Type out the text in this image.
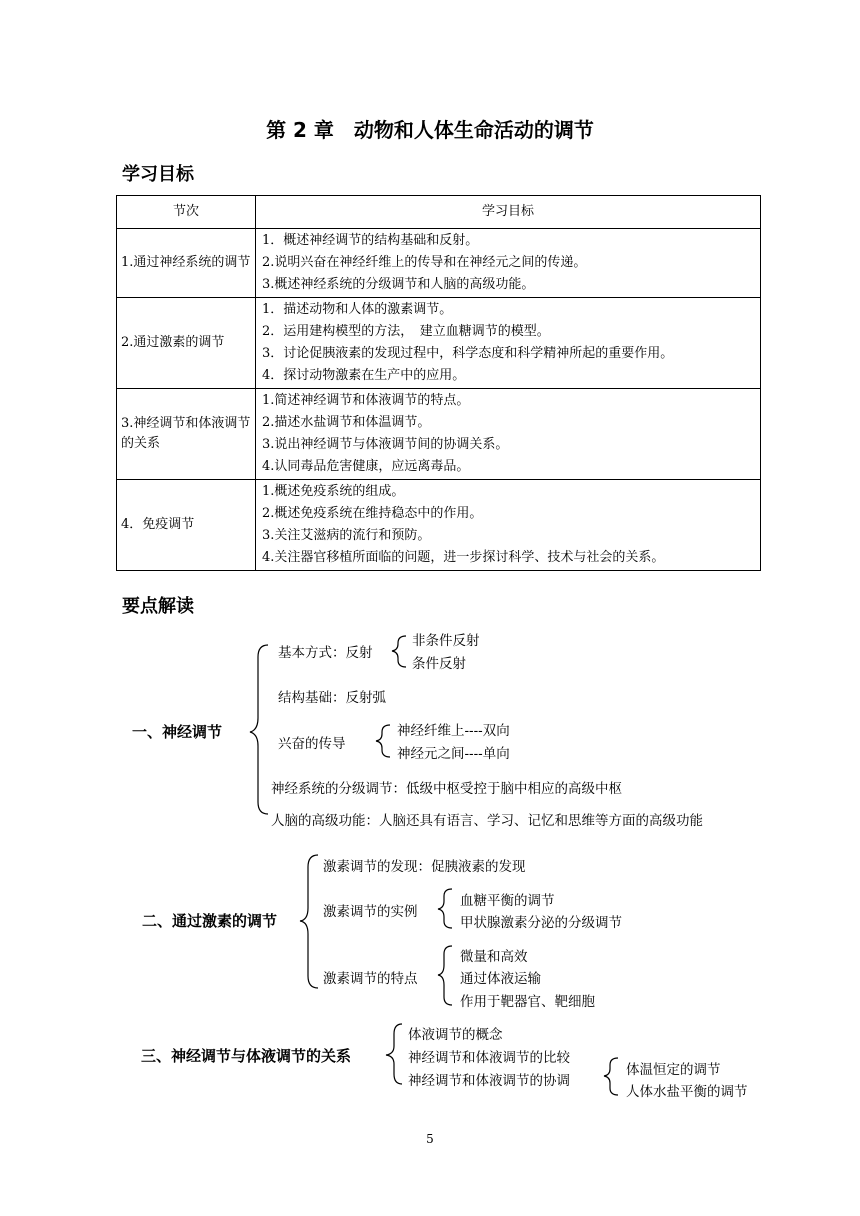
第 2 章　动物和人体生命活动的调节
学习目标
节次	学习目标
1.通过神经系统的调节	1．概述神经调节的结构基础和反射。
2.说明兴奋在神经纤维上的传导和在神经元之间的传递。
3.概述神经系统的分级调节和人脑的高级功能。

2.通过激素的调节	1．描述动物和人体的激素调节。
2．运用建构模型的方法，　建立血糖调节的模型。
3．讨论促胰液素的发现过程中，科学态度和科学精神所起的重要作用。
4．探讨动物激素在生产中的应用。

3.神经调节和体液调节的关系	1.简述神经调节和体液调节的特点。
2.描述水盐调节和体温调节。
3.说出神经调节与体液调节间的协调关系。
4.认同毒品危害健康，应远离毒品。

4．免疫调节	1.概述免疫系统的组成。
2.概述免疫系统在维持稳态中的作用。
3.关注艾滋病的流行和预防。
4.关注器官移植所面临的问题，进一步探讨科学、技术与社会的关系。
要点解读
一、神经调节
基本方式：反射
非条件反射
条件反射
结构基础：反射弧
兴奋的传导
神经纤维上----双向
神经元之间----单向
神经系统的分级调节：低级中枢受控于脑中相应的高级中枢
人脑的高级功能：人脑还具有语言、学习、记忆和思维等方面的高级功能
二、通过激素的调节
激素调节的发现：促胰液素的发现
激素调节的实例
血糖平衡的调节
甲状腺激素分泌的分级调节
激素调节的特点
微量和高效
通过体液运输
作用于靶器官、靶细胞
三、神经调节与体液调节的关系
体液调节的概念
神经调节和体液调节的比较
神经调节和体液调节的协调
体温恒定的调节
人体水盐平衡的调节
5
